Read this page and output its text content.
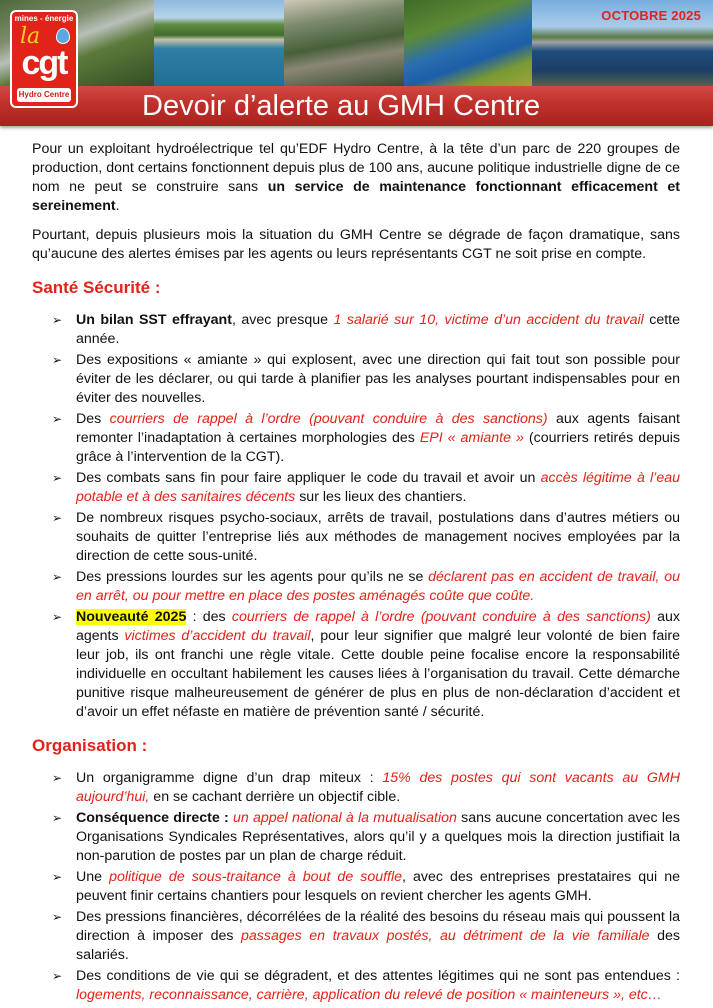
OCTOBRE 2025
Devoir d’alerte au GMH Centre
mines - énergie
la
cgt
Hydro Centre

Pour un exploitant hydroélectrique tel qu’EDF Hydro Centre, à la tête d’un parc de 220 groupes de production, dont certains fonctionnent depuis plus de 100 ans, aucune politique industrielle digne de ce nom ne peut se construire sans un service de maintenance fonctionnant efficacement et sereinement.

Pourtant, depuis plusieurs mois la situation du GMH Centre se dégrade de façon dramatique, sans qu’aucune des alertes émises par les agents ou leurs représentants CGT ne soit prise en compte.

Santé Sécurité :
➢ Un bilan SST effrayant, avec presque 1 salarié sur 10, victime d’un accident du travail cette année.
➢ Des expositions « amiante » qui explosent, avec une direction qui fait tout son possible pour éviter de les déclarer, ou qui tarde à planifier pas les analyses pourtant indispensables pour en éviter des nouvelles.
➢ Des courriers de rappel à l’ordre (pouvant conduire à des sanctions) aux agents faisant remonter l’inadaptation à certaines morphologies des EPI « amiante » (courriers retirés depuis grâce à l’intervention de la CGT).
➢ Des combats sans fin pour faire appliquer le code du travail et avoir un accès légitime à l’eau potable et à des sanitaires décents sur les lieux des chantiers.
➢ De nombreux risques psycho-sociaux, arrêts de travail, postulations dans d’autres métiers ou souhaits de quitter l’entreprise liés aux méthodes de management nocives employées par la direction de cette sous-unité.
➢ Des pressions lourdes sur les agents pour qu’ils ne se déclarent pas en accident de travail, ou en arrêt, ou pour mettre en place des postes aménagés coûte que coûte.
➢ Nouveauté 2025 : des courriers de rappel à l’ordre (pouvant conduire à des sanctions) aux agents victimes d’accident du travail, pour leur signifier que malgré leur volonté de bien faire leur job, ils ont franchi une règle vitale. Cette double peine focalise encore la responsabilité individuelle en occultant habilement les causes liées à l’organisation du travail. Cette démarche punitive risque malheureusement de générer de plus en plus de non-déclaration d’accident et d’avoir un effet néfaste en matière de prévention santé / sécurité.
Organisation :
➢ Un organigramme digne d’un drap miteux : 15% des postes qui sont vacants au GMH aujourd’hui, en se cachant derrière un objectif cible.
➢ Conséquence directe : un appel national à la mutualisation sans aucune concertation avec les Organisations Syndicales Représentatives, alors qu’il y a quelques mois la direction justifiait la non-parution de postes par un plan de charge réduit.
➢ Une politique de sous-traitance à bout de souffle, avec des entreprises prestataires qui ne peuvent finir certains chantiers pour lesquels on revient chercher les agents GMH.
➢ Des pressions financières, décorrélées de la réalité des besoins du réseau mais qui poussent la direction à imposer des passages en travaux postés, au détriment de la vie familiale des salariés.
➢ Des conditions de vie qui se dégradent, et des attentes légitimes qui ne sont pas entendues : logements, reconnaissance, carrière, application du relevé de position « mainteneurs », etc…
